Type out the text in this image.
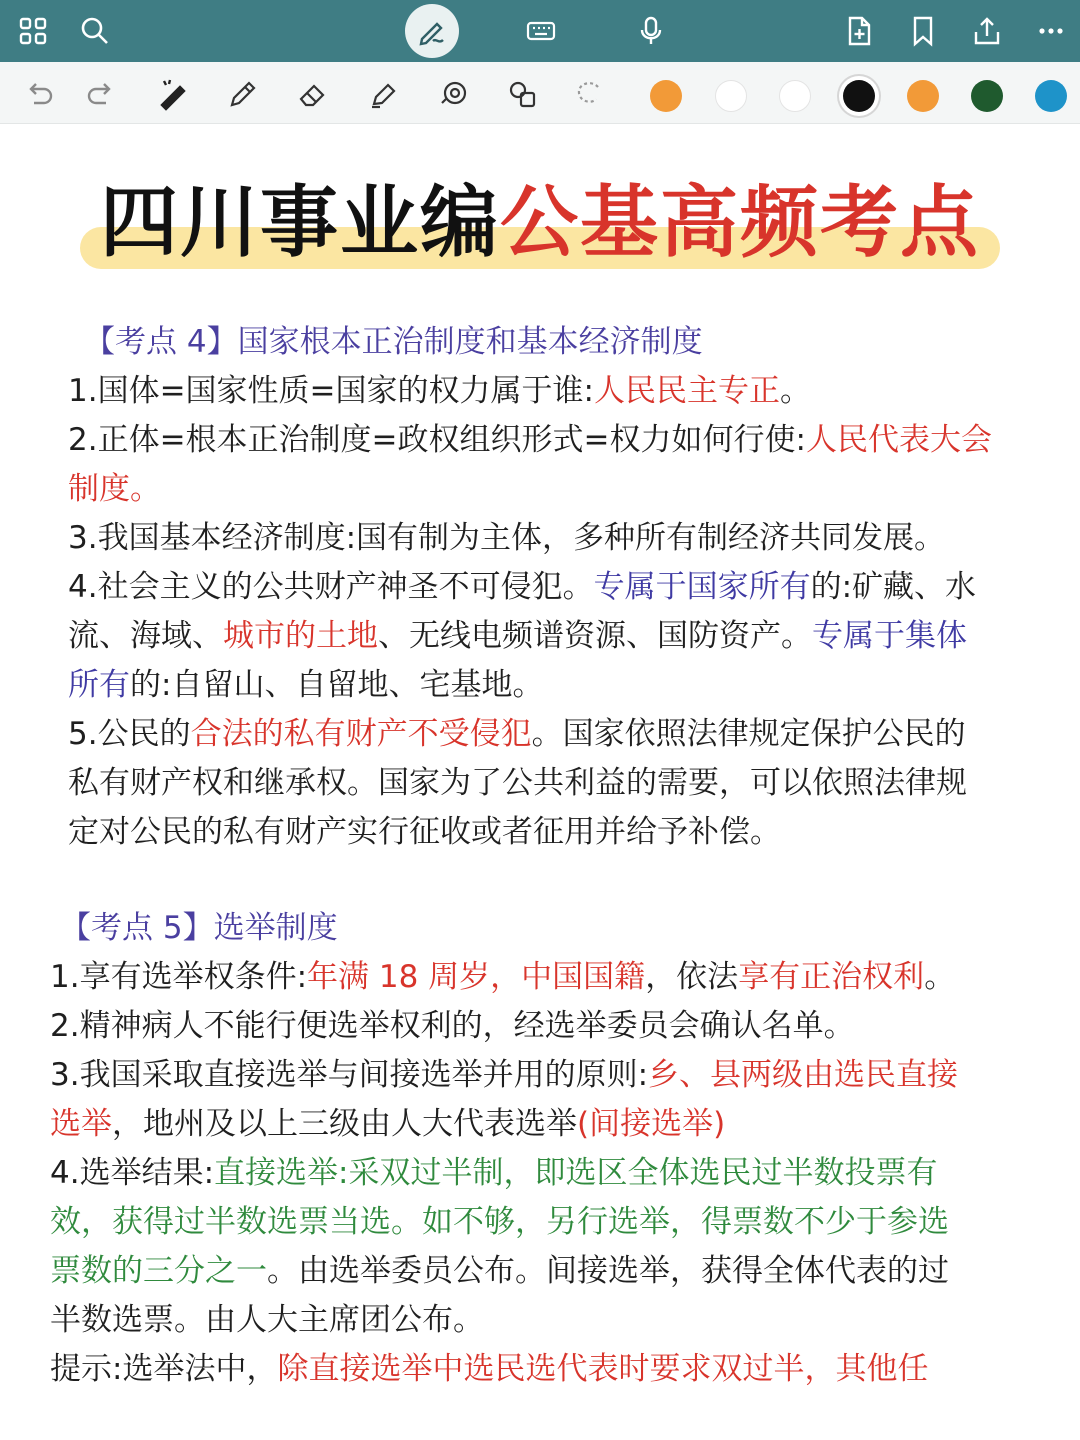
四川事业编公基高频考点
【考点 4】国家根本正治制度和基本经济制度
1.国体=国家性质=国家的权力属于谁:人民民主专正。
2.正体=根本正治制度=政权组织形式=权力如何行使:人民代表大会
制度。
3.我国基本经济制度:国有制为主体，多种所有制经济共同发展。
4.社会主义的公共财产神圣不可侵犯。专属于国家所有的:矿藏、水
流、海域、城市的土地、无线电频谱资源、国防资产。专属于集体
所有的:自留山、自留地、宅基地。
5.公民的合法的私有财产不受侵犯。国家依照法律规定保护公民的
私有财产权和继承权。国家为了公共利益的需要，可以依照法律规
定对公民的私有财产实行征收或者征用并给予补偿。
【考点 5】选举制度
1.享有选举权条件:年满 18 周岁，中国国籍，依法享有正治权利。
2.精神病人不能行便选举权利的，经选举委员会确认名单。
3.我国采取直接选举与间接选举并用的原则:乡、县两级由选民直接
选举，地州及以上三级由人大代表选举(间接选举)
4.选举结果:直接选举:采双过半制，即选区全体选民过半数投票有
效，获得过半数选票当选。如不够，另行选举，得票数不少于参选
票数的三分之一。由选举委员公布。间接选举，获得全体代表的过
半数选票。由人大主席团公布。
提示:选举法中，除直接选举中选民选代表时要求双过半，其他任
